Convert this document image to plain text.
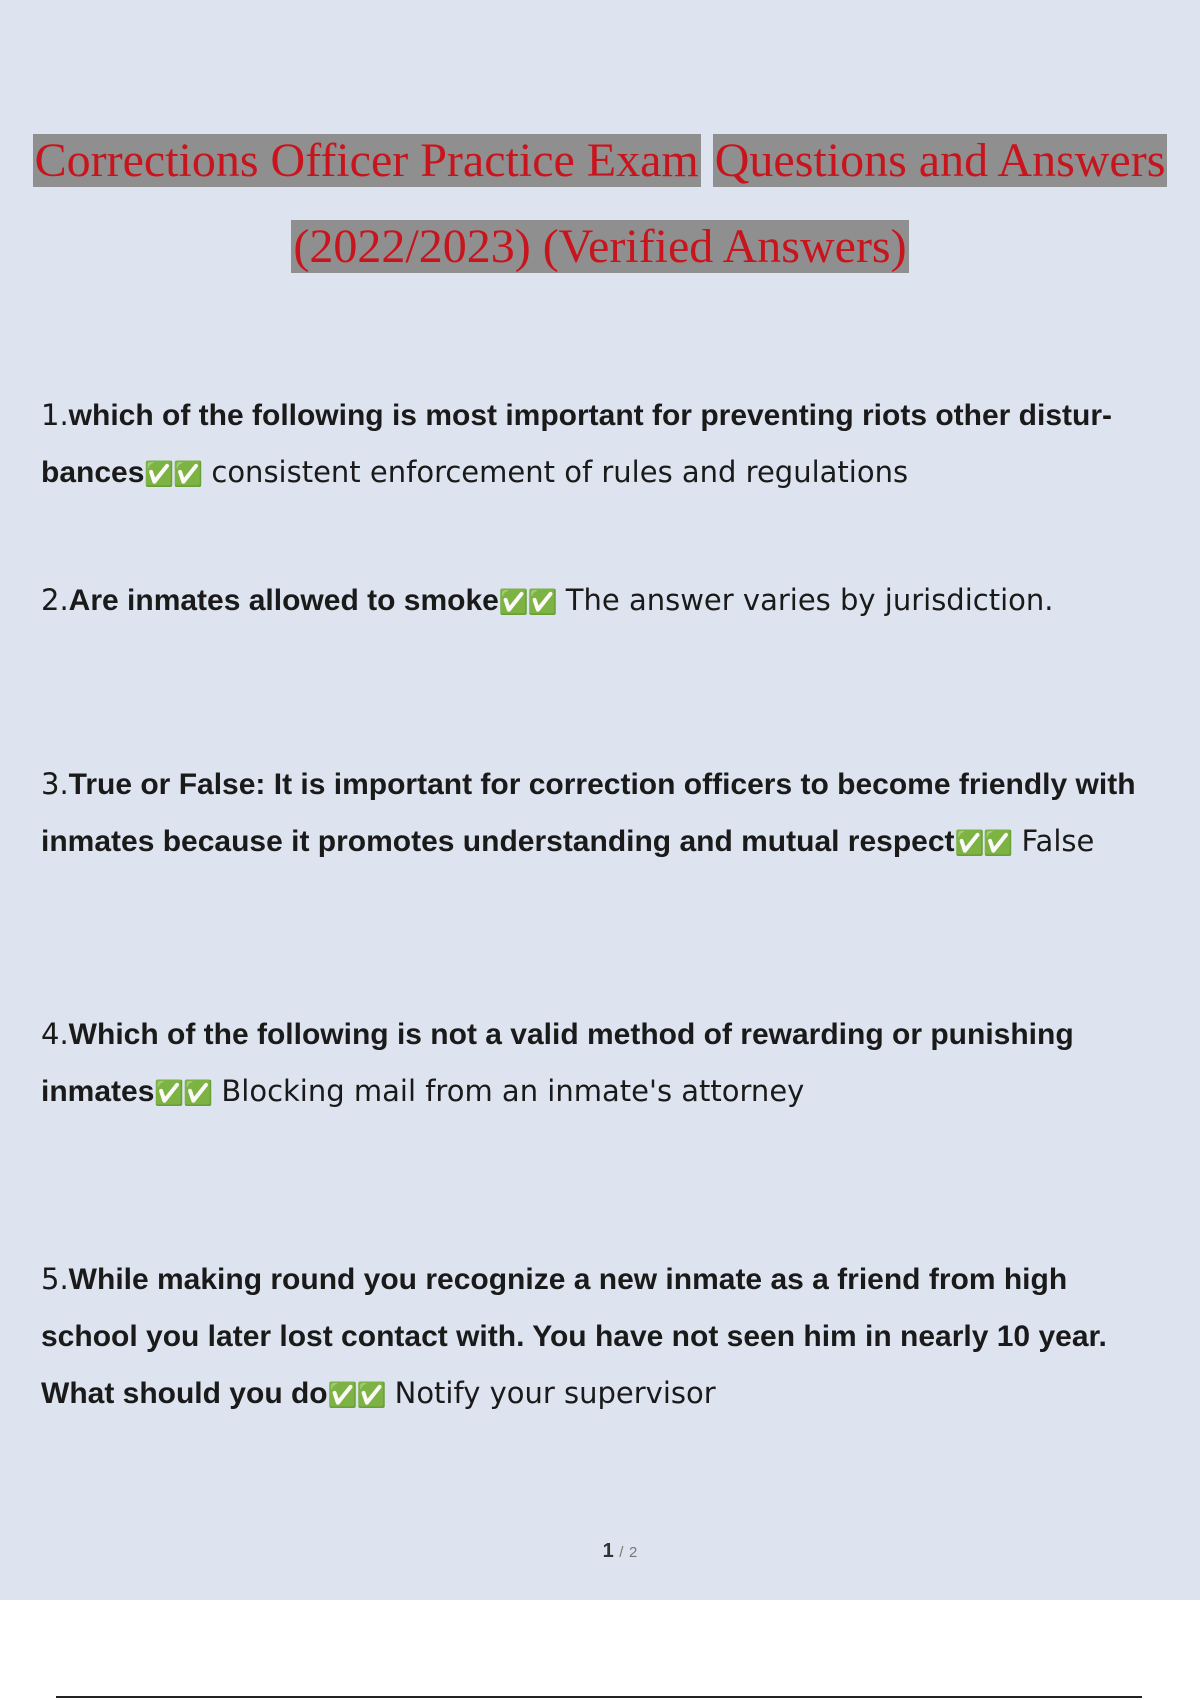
Corrections Officer Practice Exam Questions and Answers
(2022/2023) (Verified Answers)
1.which of the following is most important for preventing riots other distur- bances✅✅ consistent enforcement of rules and regulations
2.Are inmates allowed to smoke✅✅ The answer varies by jurisdiction.
3.True or False: It is important for correction officers to become friendly with inmates because it promotes understanding and mutual respect✅✅ False
4.Which of the following is not a valid method of rewarding or punishing inmates✅✅ Blocking mail from an inmate's attorney
5.While making round you recognize a new inmate as a friend from high school you later lost contact with. You have not seen him in nearly 10 year. What should you do✅✅ Notify your supervisor
1 / 2
